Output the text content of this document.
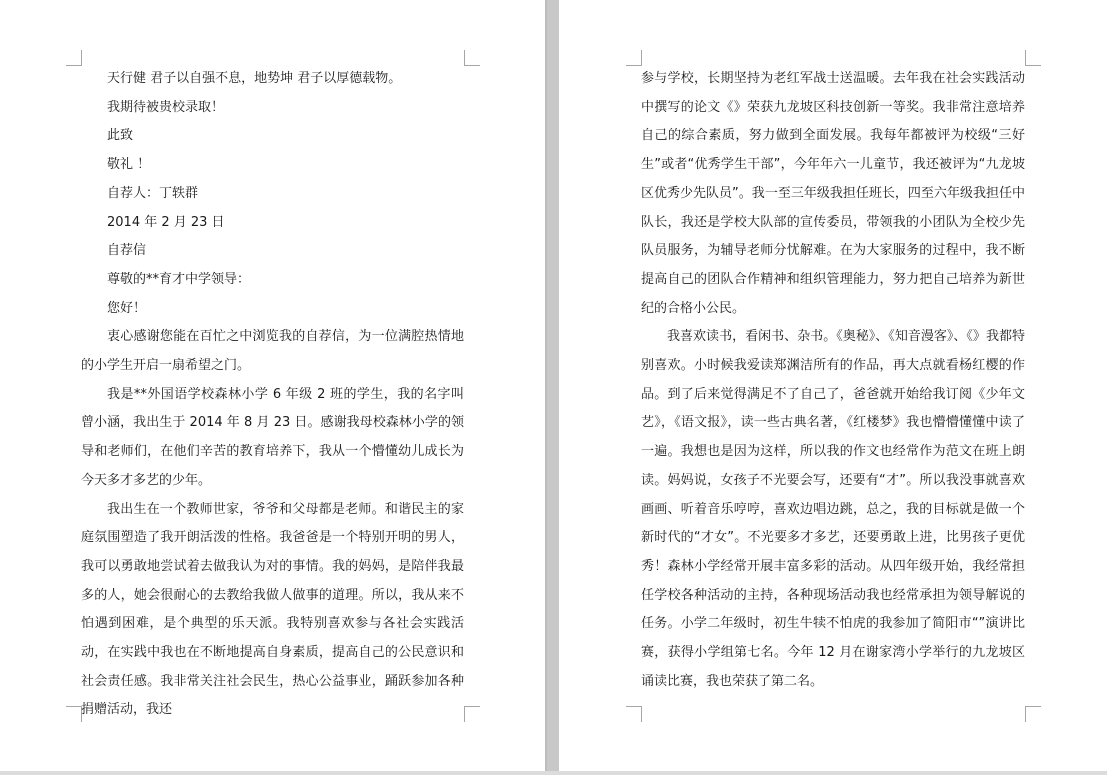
天行健 君子以自强不息，地势坤 君子以厚德载物。

我期待被贵校录取！

此致

敬礼 ！

自荐人：丁轶群

2014 年 2 月 23 日

自荐信

尊敬的**育才中学领导：

您好！

衷心感谢您能在百忙之中浏览我的自荐信，为一位满腔热情地的小学生开启一扇希望之门。

我是**外国语学校森林小学 6 年级 2 班的学生，我的名字叫曾小涵，我出生于 2014 年 8 月 23 日。感谢我母校森林小学的领导和老师们，在他们辛苦的教育培养下，我从一个懵懂幼儿成长为今天多才多艺的少年。

我出生在一个教师世家，爷爷和父母都是老师。和谐民主的家庭氛围塑造了我开朗活泼的性格。我爸爸是一个特别开明的男人，我可以勇敢地尝试着去做我认为对的事情。我的妈妈，是陪伴我最多的人，她会很耐心的去教给我做人做事的道理。所以，我从来不怕遇到困难，是个典型的乐天派。我特别喜欢参与各社会实践活动，在实践中我也在不断地提高自身素质，提高自己的公民意识和社会责任感。我非常关注社会民生，热心公益事业，踊跃参加各种捐赠活动，我还

参与学校，长期坚持为老红军战士送温暖。去年我在社会实践活动中撰写的论文《》荣获九龙坡区科技创新一等奖。我非常注意培养自己的综合素质，努力做到全面发展。我每年都被评为校级“三好生”或者“优秀学生干部”，今年年六一儿童节，我还被评为“九龙坡区优秀少先队员”。我一至三年级我担任班长，四至六年级我担任中队长，我还是学校大队部的宣传委员，带领我的小团队为全校少先队员服务，为辅导老师分忧解难。在为大家服务的过程中，我不断提高自己的团队合作精神和组织管理能力，努力把自己培养为新世纪的合格小公民。

我喜欢读书，看闲书、杂书。《奥秘》、《知音漫客》、《》我都特别喜欢。小时候我爱读郑渊洁所有的作品，再大点就看杨红樱的作品。到了后来觉得满足不了自己了，爸爸就开始给我订阅《少年文艺》，《语文报》，读一些古典名著，《红楼梦》我也懵懵懂懂中读了一遍。我想也是因为这样，所以我的作文也经常作为范文在班上朗读。妈妈说，女孩子不光要会写，还要有“才”。所以我没事就喜欢画画、听着音乐哼哼，喜欢边唱边跳，总之，我的目标就是做一个新时代的“才女”。不光要多才多艺，还要勇敢上进，比男孩子更优秀！森林小学经常开展丰富多彩的活动。从四年级开始，我经常担任学校各种活动的主持，各种现场活动我也经常承担为领导解说的任务。小学二年级时，初生牛犊不怕虎的我参加了简阳市“”演讲比赛，获得小学组第七名。今年 12 月在谢家湾小学举行的九龙坡区诵读比赛，我也荣获了第二名。
